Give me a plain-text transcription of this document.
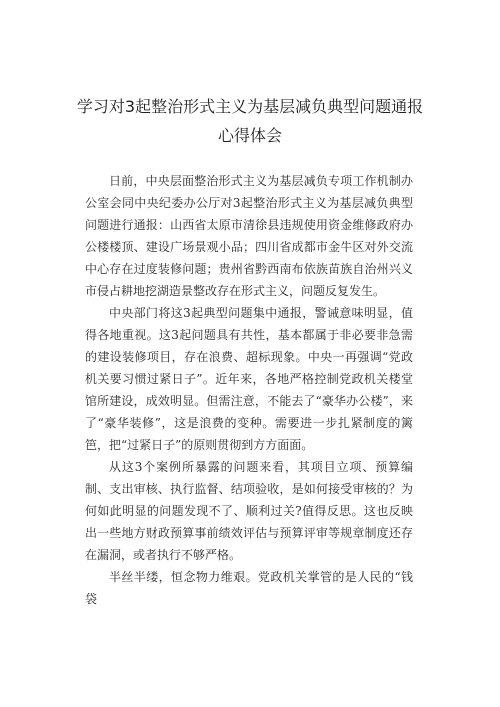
学习对3起整治形式主义为基层减负典型问题通报心得体会

日前，中央层面整治形式主义为基层减负专项工作机制办公室会同中央纪委办公厅对3起整治形式主义为基层减负典型问题进行通报：山西省太原市清徐县违规使用资金维修政府办公楼楼顶、建设广场景观小品；四川省成都市金牛区对外交流中心存在过度装修问题；贵州省黔西南布依族苗族自治州兴义市侵占耕地挖湖造景整改存在形式主义，问题反复发生。

中央部门将这3起典型问题集中通报，警诫意味明显，值得各地重视。这3起问题具有共性，基本都属于非必要非急需的建设装修项目，存在浪费、超标现象。中央一再强调“党政机关要习惯过紧日子”。近年来，各地严格控制党政机关楼堂馆所建设，成效明显。但需注意，不能去了“豪华办公楼”，来了“豪华装修”，这是浪费的变种。需要进一步扎紧制度的篱笆，把“过紧日子”的原则贯彻到方方面面。

从这3个案例所暴露的问题来看，其项目立项、预算编制、支出审核、执行监督、结项验收，是如何接受审核的？为何如此明显的问题发现不了、顺利过关?值得反思。这也反映出一些地方财政预算事前绩效评估与预算评审等规章制度还存在漏洞，或者执行不够严格。

半丝半缕，恒念物力维艰。党政机关掌管的是人民的“钱袋
